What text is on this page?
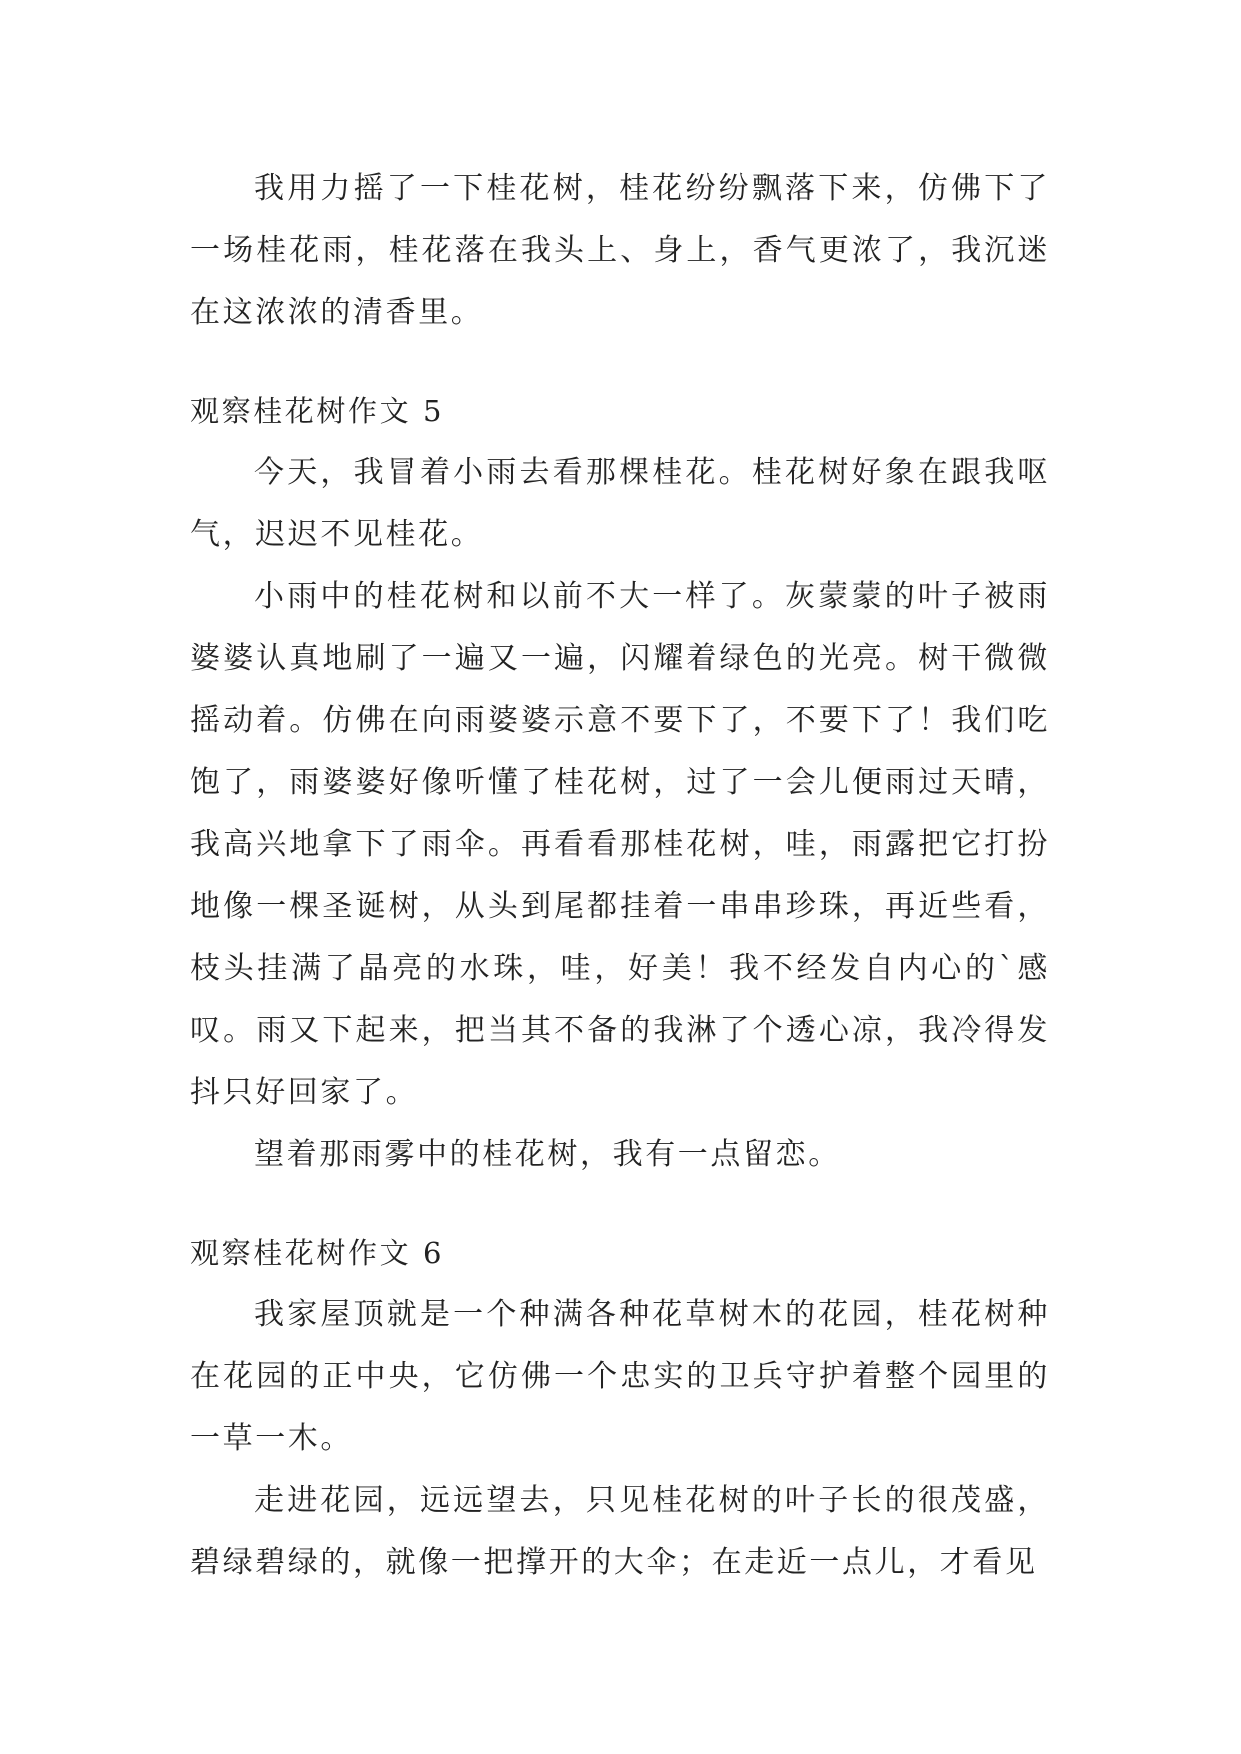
我用力摇了一下桂花树，桂花纷纷飘落下来，仿佛下了一场桂花雨，桂花落在我头上、身上，香气更浓了，我沉迷在这浓浓的清香里。

观察桂花树作文 5

今天，我冒着小雨去看那棵桂花。桂花树好象在跟我呕气，迟迟不见桂花。

小雨中的桂花树和以前不大一样了。灰蒙蒙的叶子被雨婆婆认真地刷了一遍又一遍，闪耀着绿色的光亮。树干微微摇动着。仿佛在向雨婆婆示意不要下了，不要下了！我们吃饱了，雨婆婆好像听懂了桂花树，过了一会儿便雨过天晴，我高兴地拿下了雨伞。再看看那桂花树，哇，雨露把它打扮地像一棵圣诞树，从头到尾都挂着一串串珍珠，再近些看，枝头挂满了晶亮的水珠，哇，好美！我不经发自内心的`感叹。雨又下起来，把当其不备的我淋了个透心凉，我冷得发抖只好回家了。

望着那雨雾中的桂花树，我有一点留恋。

观察桂花树作文 6

我家屋顶就是一个种满各种花草树木的花园，桂花树种在花园的正中央，它仿佛一个忠实的卫兵守护着整个园里的一草一木。

走进花园，远远望去，只见桂花树的叶子长的很茂盛，碧绿碧绿的，就像一把撑开的大伞；在走近一点儿，才看见
